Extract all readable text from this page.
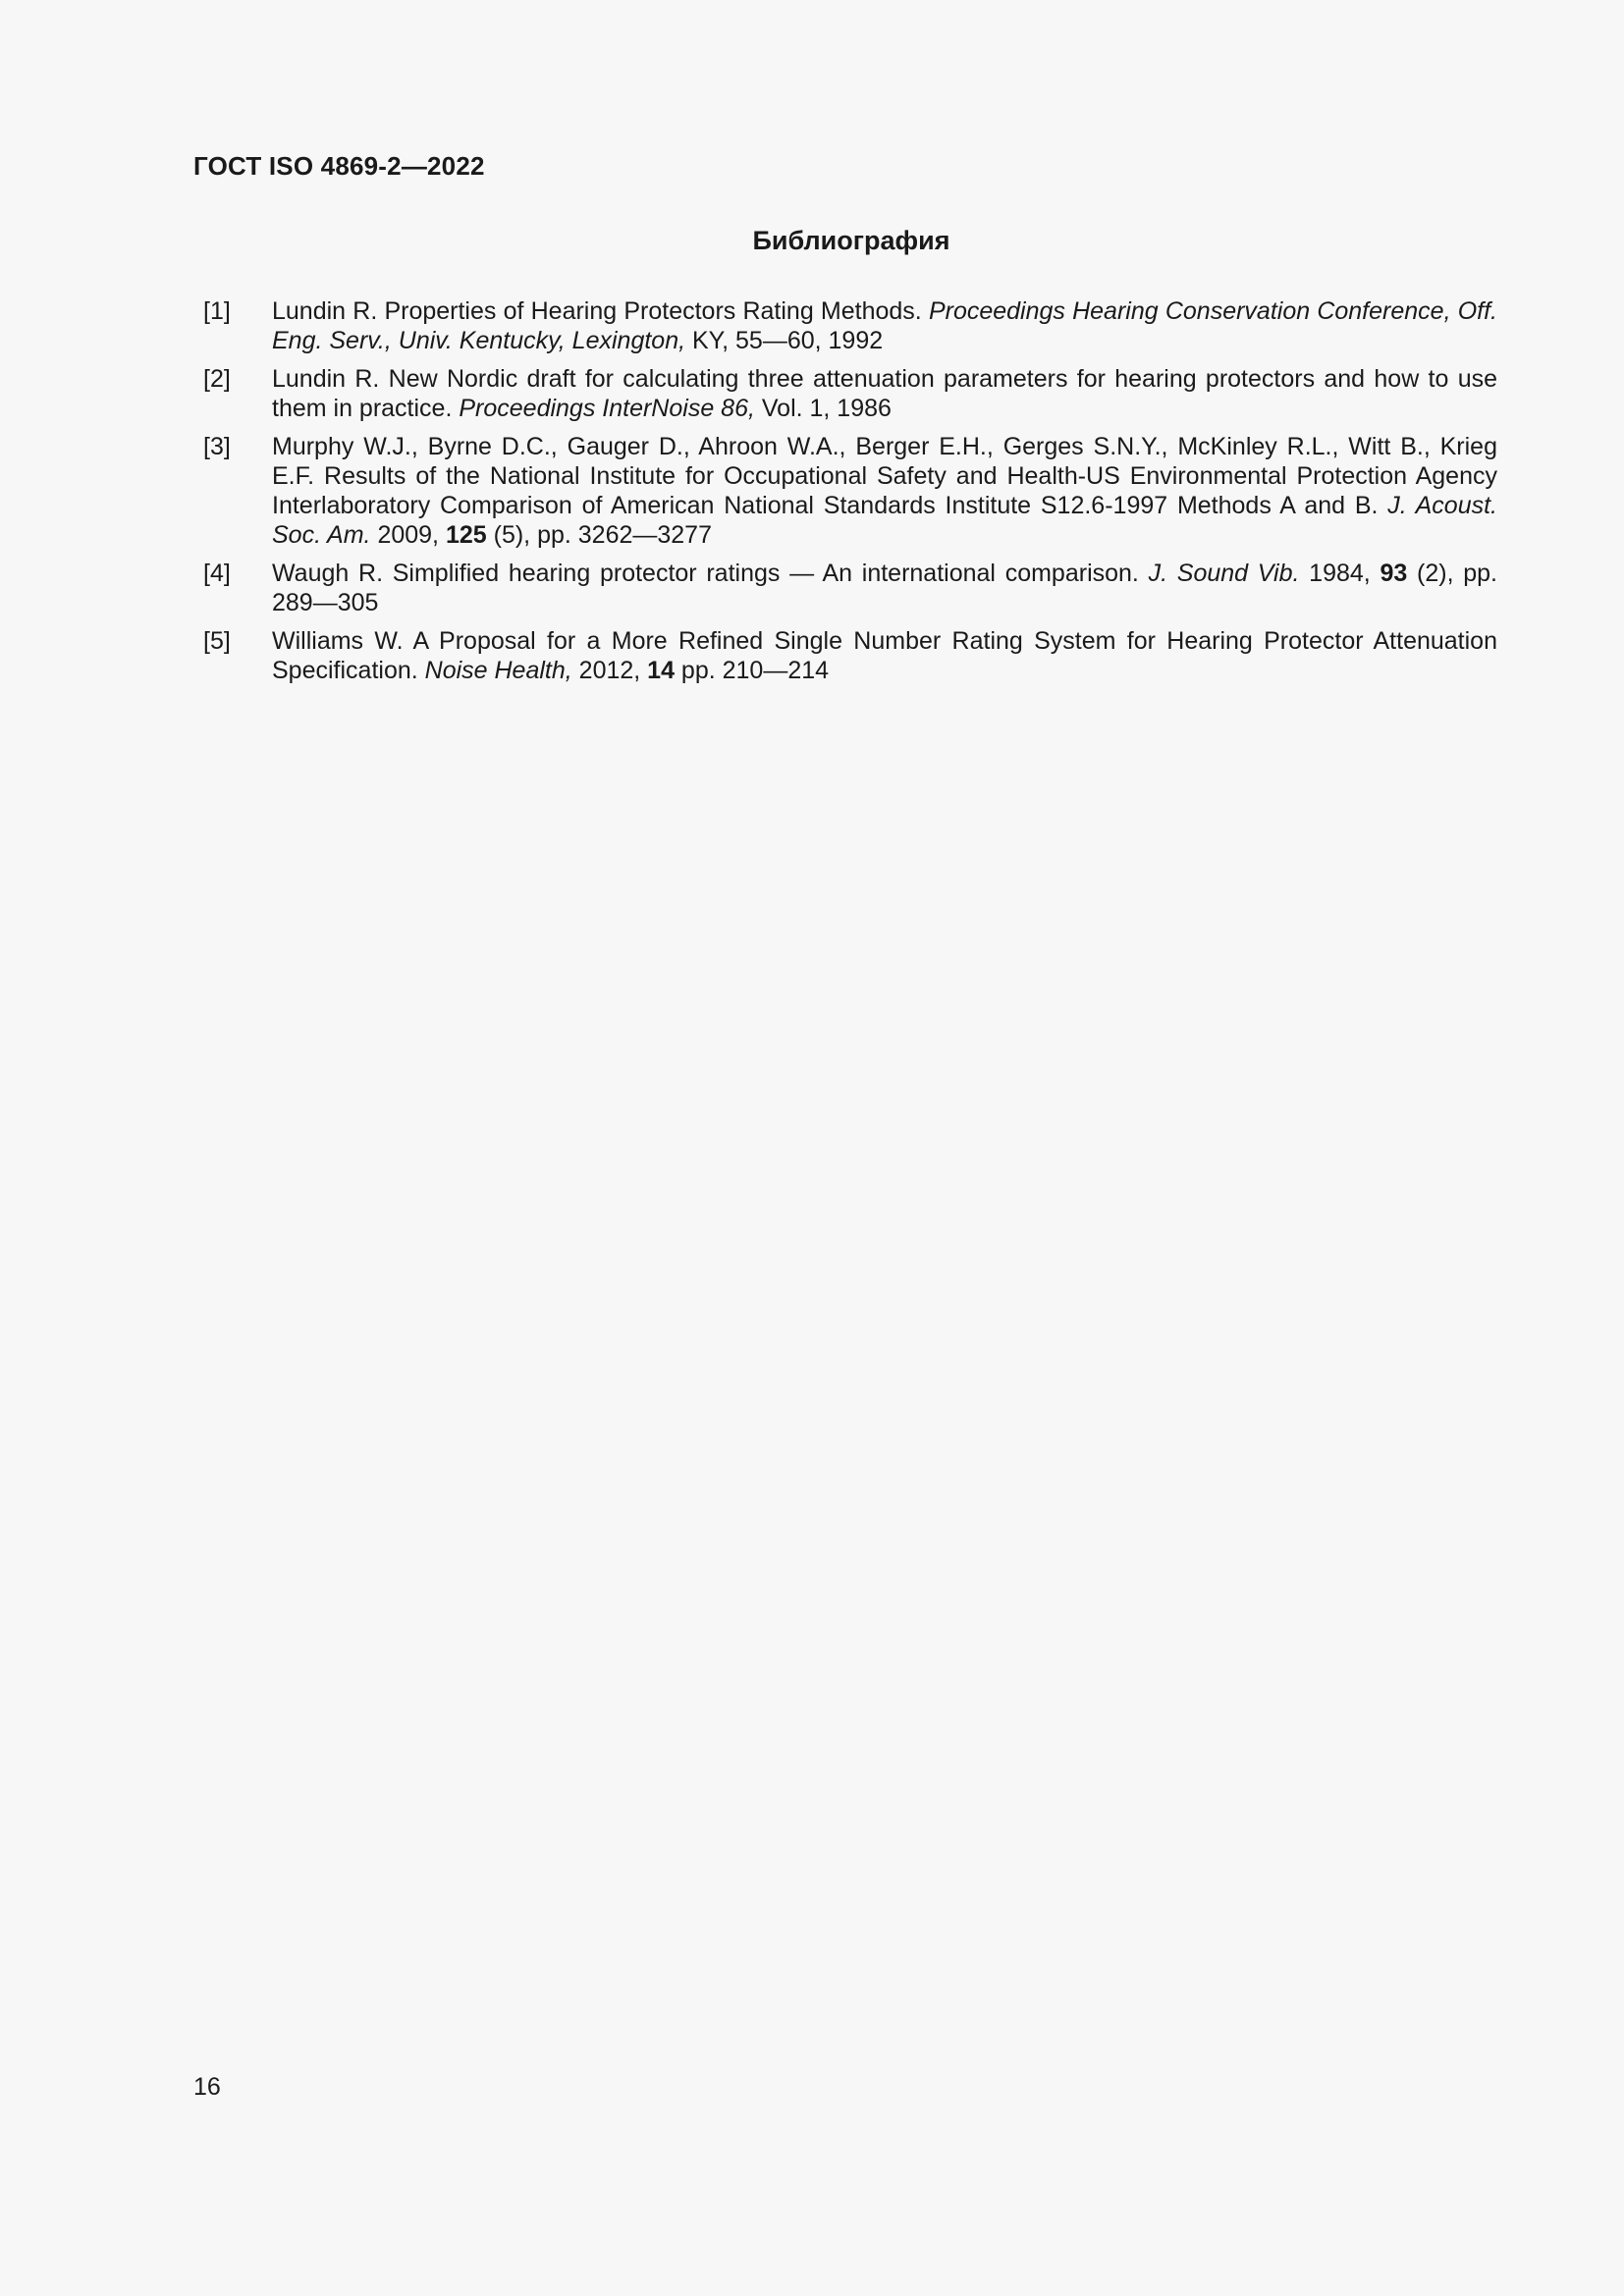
ГОСТ ISO 4869-2—2022
Библиография
[1] Lundin R. Properties of Hearing Protectors Rating Methods. Proceedings Hearing Conservation Conference, Off. Eng. Serv., Univ. Kentucky, Lexington, KY, 55—60, 1992
[2] Lundin R. New Nordic draft for calculating three attenuation parameters for hearing protectors and how to use them in practice. Proceedings InterNoise 86, Vol. 1, 1986
[3] Murphy W.J., Byrne D.C., Gauger D., Ahroon W.A., Berger E.H., Gerges S.N.Y., McKinley R.L., Witt B., Krieg E.F. Results of the National Institute for Occupational Safety and Health-US Environmental Protection Agency Interlaboratory Comparison of American National Standards Institute S12.6-1997 Methods A and B. J. Acoust. Soc. Am. 2009, 125 (5), pp. 3262—3277
[4] Waugh R. Simplified hearing protector ratings — An international comparison. J. Sound Vib. 1984, 93 (2), pp. 289—305
[5] Williams W. A Proposal for a More Refined Single Number Rating System for Hearing Protector Attenuation Specification. Noise Health, 2012, 14 pp. 210—214
16
